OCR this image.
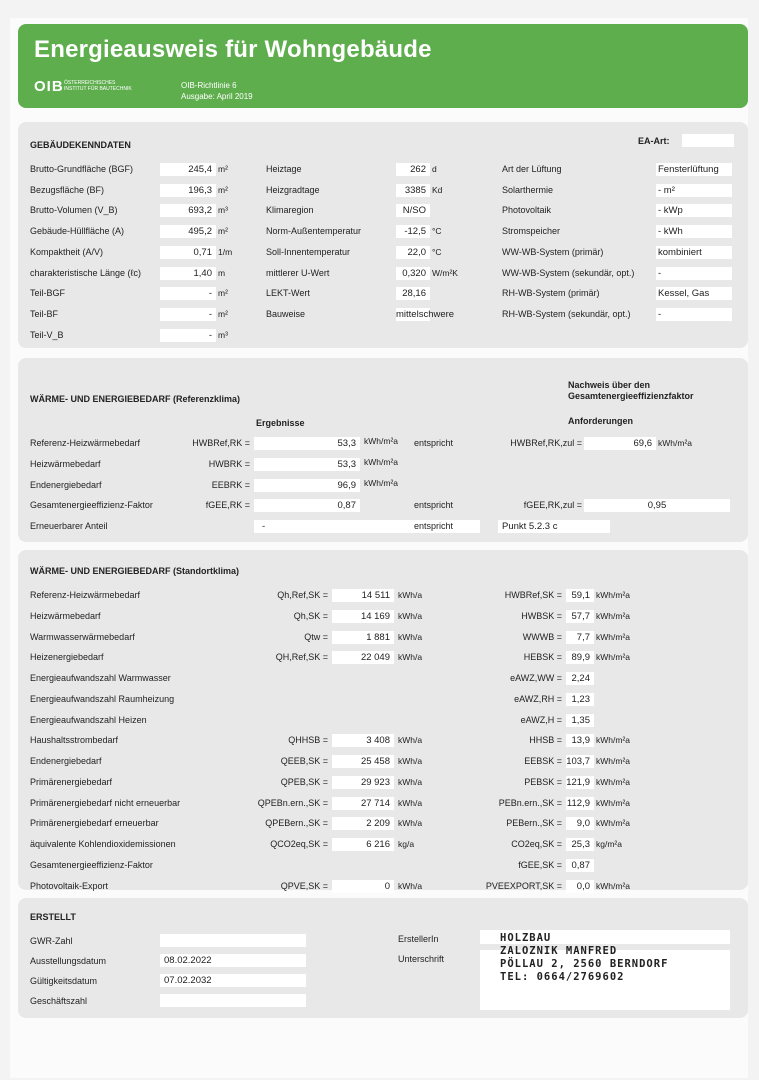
Energieausweis für Wohngebäude
OIB ÖSTERREICHISCHES INSTITUT FÜR BAUTECHNIK	OIB-Richtlinie 6
Ausgabe: April 2019
GEBÄUDEKENNDATEN	EA-Art:
Brutto-Grundfläche (BGF)	245,4 m²
Bezugsfläche (BF)	196,3 m²
Brutto-Volumen (V_B)	693,2 m³
Gebäude-Hüllfläche (A)	495,2 m²
Kompaktheit (A/V)	0,71 1/m
charakteristische Länge (ℓc)	1,40 m
Teil-BGF	- m²
Teil-BF	- m²
Teil-V_B	- m³
Heiztage	262 d
Heizgradtage	3385 Kd
Klimaregion	N/SO
Norm-Außentemperatur	-12,5 °C
Soll-Innentemperatur	22,0 °C
mittlerer U-Wert	0,320 W/m²K
LEKT-Wert	28,16
Bauweise	mittelschwere
Art der Lüftung	Fensterlüftung
Solarthermie	- m²
Photovoltaik	- kWp
Stromspeicher	- kWh
WW-WB-System (primär)	kombiniert
WW-WB-System (sekundär, opt.) -
RH-WB-System (primär)	Kessel, Gas
RH-WB-System (sekundär, opt.)	-
WÄRME- UND ENERGIEBEDARF (Referenzklima)
Nachweis über den Gesamtenergieeffizienzfaktor
Ergebnisse	Anforderungen
Referenz-Heizwärmebedarf	HWBRef,RK =	53,3 kWh/m²a entspricht	HWBRef,RK,zul =	69,6 kWh/m²a
Heizwärmebedarf	HWBRK =	53,3 kWh/m²a
Endenergiebedarf	EEBRK =	96,9 kWh/m²a
Gesamtenergieeffizienz-Faktor	fGEE,RK =	0,87	entspricht	fGEE,RK,zul =	0,95
Erneuerbarer Anteil	-	entspricht	Punkt 5.2.3 c
WÄRME- UND ENERGIEBEDARF (Standortklima)
Referenz-Heizwärmebedarf	Qh,Ref,SK =	14 511 kWh/a	HWBRef,SK =	59,1 kWh/m²a
Heizwärmebedarf	Qh,SK =	14 169 kWh/a	HWBSK =	57,7 kWh/m²a
Warmwasserwärmebedarf	Qtw =	1 881 kWh/a	WWWB =	7,7 kWh/m²a
Heizenergiebedarf	QH,Ref,SK =	22 049 kWh/a	HEBSK =	89,9 kWh/m²a
Energieaufwandszahl Warmwasser	eAWZ,WW =	2,24
Energieaufwandszahl Raumheizung	eAWZ,RH =	1,23
Energieaufwandszahl Heizen	eAWZ,H =	1,35
Haushaltsstrombedarf	QHHSB =	3 408 kWh/a	HHSB =	13,9 kWh/m²a
Endenergiebedarf	QEEB,SK =	25 458 kWh/a	EEBSK = 103,7 kWh/m²a
Primärenergiebedarf	QPEB,SK =	29 923 kWh/a	PEBSK = 121,9 kWh/m²a
Primärenergiebedarf nicht erneuerbar	QPEBn.ern.,SK =	27 714 kWh/a	PEBn.ern.,SK = 112,9 kWh/m²a
Primärenergiebedarf erneuerbar	QPEBern.,SK =	2 209 kWh/a	PEBern.,SK =	9,0 kWh/m²a
äquivalente Kohlendioxidemissionen	QCO2eq,SK =	6 216 kg/a	CO2eq,SK =	25,3 kg/m²a
Gesamtenergieeffizienz-Faktor	fGEE,SK =	0,87
Photovoltaik-Export	QPVE,SK =	0 kWh/a	PVEEXPORT,SK =	0,0 kWh/m²a
ERSTELLT
GWR-Zahl
Ausstellungsdatum	08.02.2022
Gültigkeitsdatum	07.02.2032
Geschäftszahl
ErstellerIn
Unterschrift
HOLZBAU
ZALOZNIK MANFRED
PÖLLAU 2, 2560 BERNDORF
TEL: 0664/2769602
